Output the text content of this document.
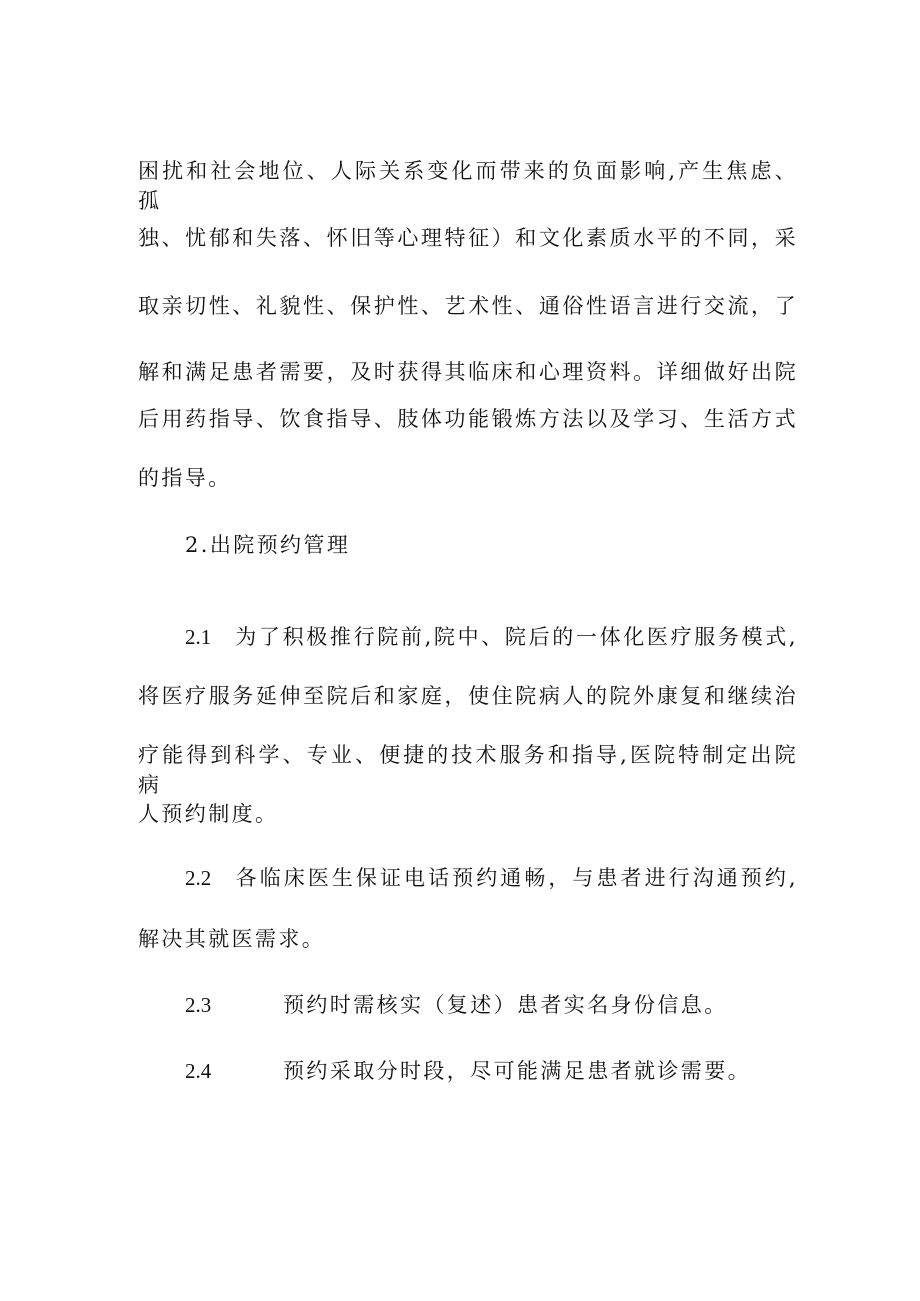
困扰和社会地位、人际关系变化而带来的负面影响,产生焦虑、孤
独、忧郁和失落、怀旧等心理特征）和文化素质水平的不同，采
取亲切性、礼貌性、保护性、艺术性、通俗性语言进行交流，了
解和满足患者需要，及时获得其临床和心理资料。详细做好出院
后用药指导、饮食指导、肢体功能锻炼方法以及学习、生活方式
的指导。
2.出院预约管理
2.1 为了积极推行院前,院中、院后的一体化医疗服务模式,
将医疗服务延伸至院后和家庭，使住院病人的院外康复和继续治
疗能得到科学、专业、便捷的技术服务和指导,医院特制定出院病
人预约制度。
2.2 各临床医生保证电话预约通畅，与患者进行沟通预约,
解决其就医需求。
2.3	预约时需核实（复述）患者实名身份信息。
2.4	预约采取分时段，尽可能满足患者就诊需要。
